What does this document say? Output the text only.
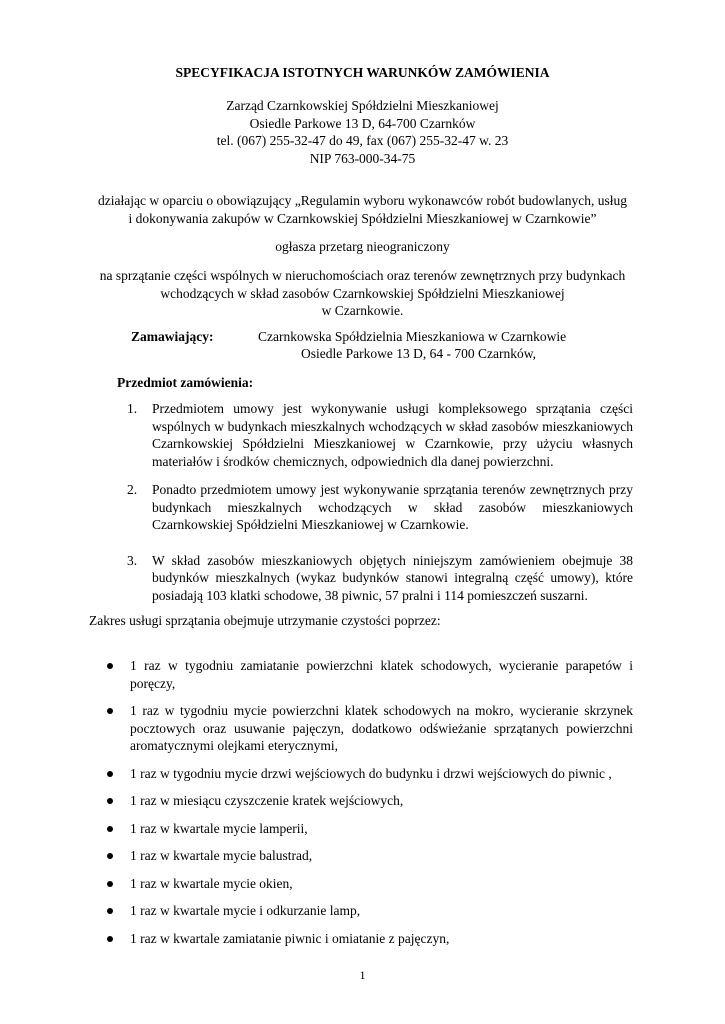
SPECYFIKACJA ISTOTNYCH WARUNKÓW ZAMÓWIENIA
Zarząd Czarnkowskiej Spółdzielni Mieszkaniowej
Osiedle Parkowe 13 D, 64-700 Czarnków
tel. (067) 255-32-47 do 49, fax (067) 255-32-47 w. 23
NIP 763-000-34-75
działając w oparciu o obowiązujący „Regulamin wyboru wykonawców robót budowlanych, usług
i dokonywania zakupów w Czarnkowskiej Spółdzielni Mieszkaniowej w Czarnkowie”
ogłasza przetarg nieograniczony
na sprzątanie części wspólnych w nieruchomościach oraz terenów zewnętrznych przy budynkach
wchodzących w skład zasobów Czarnkowskiej Spółdzielni Mieszkaniowej
w Czarnkowie.
Zamawiający:	Czarnkowska Spółdzielnia Mieszkaniowa w Czarnkowie
Osiedle Parkowe 13 D, 64 - 700 Czarnków,
Przedmiot zamówienia:
1. Przedmiotem umowy jest wykonywanie usługi kompleksowego sprzątania części wspólnych w budynkach mieszkalnych wchodzących w skład zasobów mieszkaniowych Czarnkowskiej Spółdzielni Mieszkaniowej w Czarnkowie, przy użyciu własnych materiałów i środków chemicznych, odpowiednich dla danej powierzchni.
2. Ponadto przedmiotem umowy jest wykonywanie sprzątania terenów zewnętrznych przy budynkach mieszkalnych wchodzących w skład zasobów mieszkaniowych Czarnkowskiej Spółdzielni Mieszkaniowej w Czarnkowie.
3. W skład zasobów mieszkaniowych objętych niniejszym zamówieniem obejmuje 38 budynków mieszkalnych (wykaz budynków stanowi integralną część umowy), które posiadają 103 klatki schodowe, 38 piwnic, 57 pralni i 114 pomieszczeń suszarni.
Zakres usługi sprzątania obejmuje utrzymanie czystości poprzez:
1 raz w tygodniu zamiatanie powierzchni klatek schodowych, wycieranie parapetów i poręczy,
1 raz w tygodniu mycie powierzchni klatek schodowych na mokro, wycieranie skrzynek pocztowych oraz usuwanie pajęczyn, dodatkowo odświeżanie sprzątanych powierzchni aromatycznymi olejkami eterycznymi,
1 raz w tygodniu mycie drzwi wejściowych do budynku i drzwi wejściowych do piwnic ,
1 raz w miesiącu czyszczenie kratek wejściowych,
1 raz w kwartale mycie lamperii,
1 raz w kwartale mycie balustrad,
1 raz w kwartale mycie okien,
1 raz w kwartale mycie i odkurzanie lamp,
1 raz w kwartale zamiatanie piwnic i omiatanie z pajęczyn,
1
